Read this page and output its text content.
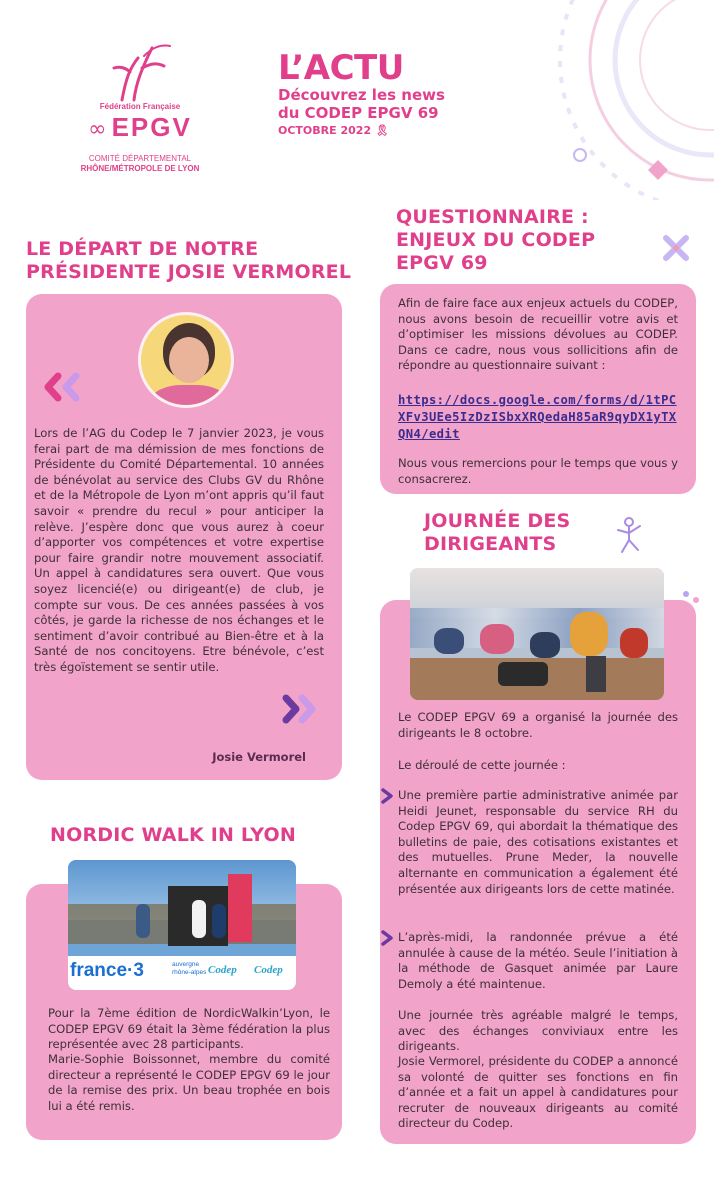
Fédération Française
∞ EPGV
COMITÉ DÉPARTEMENTAL
RHÔNE/MÉTROPOLE DE LYON
L’ACTU
Découvrez les news
du CODEP EPGV 69
OCTOBRE 2022 🎗
LE DÉPART DE NOTRE
PRÉSIDENTE JOSIE VERMOREL
Lors de l’AG du Codep le 7 janvier 2023, je vous ferai part de ma démission de mes fonctions de Présidente du Comité Départemental. 10 années de bénévolat au service des Clubs GV du Rhône et de la Métropole de Lyon m’ont appris qu’il faut savoir « prendre du recul » pour anticiper la relève. J’espère donc que vous aurez à coeur d’apporter vos compétences et votre expertise pour faire grandir notre mouvement associatif. Un appel à candidatures sera ouvert. Que vous soyez licencié(e) ou dirigeant(e) de club, je compte sur vous. De ces années passées à vos côtés, je garde la richesse de nos échanges et le sentiment d’avoir contribué au Bien-être et à la Santé de nos concitoyens. Etre bénévole, c’est très égoïstement se sentir utile.
Josie Vermorel
QUESTIONNAIRE :
ENJEUX DU CODEP
EPGV 69
Afin de faire face aux enjeux actuels du CODEP, nous avons besoin de recueillir votre avis et d’optimiser les missions dévolues au CODEP. Dans ce cadre, nous vous sollicitions afin de répondre au questionnaire suivant :
https://docs.google.com/forms/d/1tPCXFv3UEe5IzDzISbxXRQedaH85aR9qyDX1yTXQN4/edit
Nous vous remercions pour le temps que vous y consacrerez.
JOURNÉE DES
DIRIGEANTS
Le CODEP EPGV 69 a organisé la journée des dirigeants le 8 octobre.
Le déroulé de cette journée :
Une première partie administrative animée par Heidi Jeunet, responsable du service RH du Codep EPGV 69, qui abordait la thématique des bulletins de paie, des cotisations existantes et des mutuelles. Prune Meder, la nouvelle alternante en communication a également été présentée aux dirigeants lors de cette matinée.
L’après-midi, la randonnée prévue a été annulée à cause de la météo. Seule l’initiation à la méthode de Gasquet animée par Laure Demoly a été maintenue.
Une journée très agréable malgré le temps, avec des échanges conviviaux entre les dirigeants.
Josie Vermorel, présidente du CODEP a annoncé sa volonté de quitter ses fonctions en fin d’année et a fait un appel à candidatures pour recruter de nouveaux dirigeants au comité directeur du Codep.
NORDIC WALK IN LYON
france·3	auvergne
rhône-alpes Codep Codep
Pour la 7ème édition de NordicWalkin’Lyon, le CODEP EPGV 69 était la 3ème fédération la plus représentée avec 28 participants.
Marie-Sophie Boissonnet, membre du comité directeur a représenté le CODEP EPGV 69 le jour de la remise des prix. Un beau trophée en bois lui a été remis.
